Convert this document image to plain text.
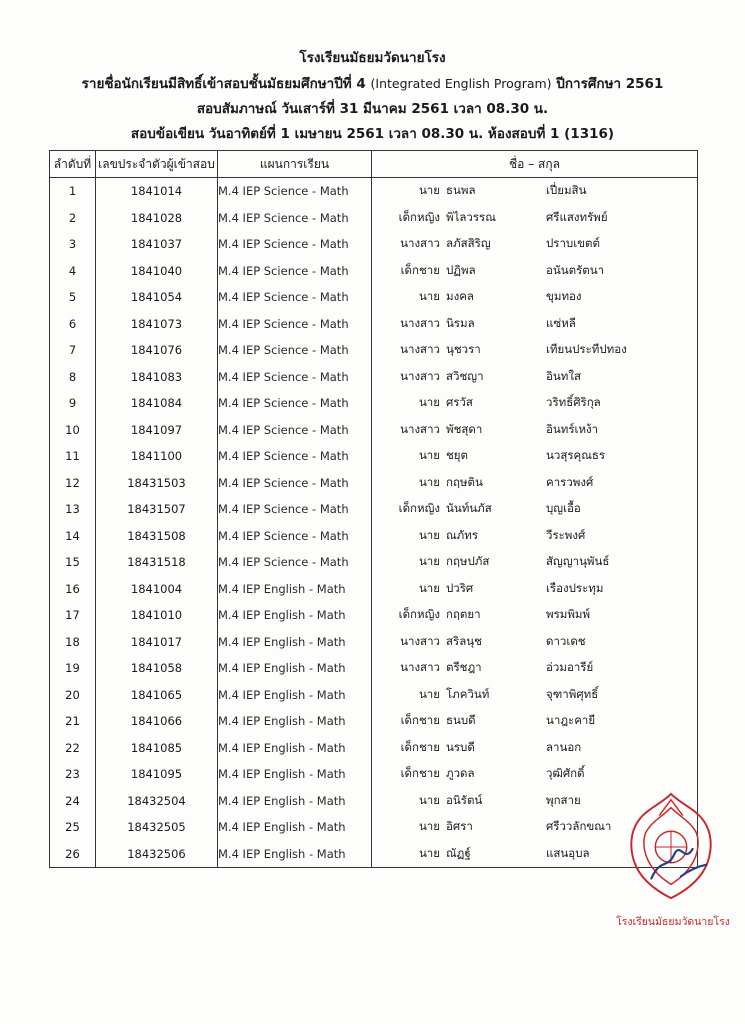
โรงเรียนมัธยมวัดนายโรง
รายชื่อนักเรียนมีสิทธิ์เข้าสอบชั้นมัธยมศึกษาปีที่ 4 (Integrated English Program) ปีการศึกษา 2561
สอบสัมภาษณ์ วันเสาร์ที่ 31 มีนาคม 2561 เวลา 08.30 น.
สอบข้อเขียน วันอาทิตย์ที่ 1 เมษายน 2561 เวลา 08.30 น. ห้องสอบที่ 1 (1316)
ลำดับที่	เลขประจำตัวผู้เข้าสอบ	แผนการเรียน	ชื่อ – สกุล
1	1841014	M.4 IEP Science - Math	นาย ธนพล เปี่ยมสิน

2	1841028	M.4 IEP Science - Math	เด็กหญิง พิไลวรรณ ศรีแสงทรัพย์

3	1841037	M.4 IEP Science - Math	นางสาว ลภัสสิริญ ปราบเขตต์

4	1841040	M.4 IEP Science - Math	เด็กชาย ปฏิพล อนันตรัตนา

5	1841054	M.4 IEP Science - Math	นาย มงคล ขุมทอง

6	1841073	M.4 IEP Science - Math	นางสาว นิรมล แซ่หลี

7	1841076	M.4 IEP Science - Math	นางสาว นุชวรา เทียนประทีปทอง

8	1841083	M.4 IEP Science - Math	นางสาว สวิชญา อินทใส

9	1841084	M.4 IEP Science - Math	นาย ศรวัส วริทธิ์ศิริกุล

10	1841097	M.4 IEP Science - Math	นางสาว พัชสุดา อินทร์เหง้า

11	1841100	M.4 IEP Science - Math	นาย ชยุต นวสุรคุณธร

12	18431503	M.4 IEP Science - Math	นาย กฤษติน คารวพงศ์

13	18431507	M.4 IEP Science - Math	เด็กหญิง นันท์นภัส บุญเอื้อ

14	18431508	M.4 IEP Science - Math	นาย ณภัทร วีระพงศ์

15	18431518	M.4 IEP Science - Math	นาย กฤษปภัส สัญญานุพันธ์

16	1841004	M.4 IEP English - Math	นาย ปวริศ เรืองประทุม

17	1841010	M.4 IEP English - Math	เด็กหญิง กฤตยา พรมพิมพ์

18	1841017	M.4 IEP English - Math	นางสาว สริลนุช ดาวเดช

19	1841058	M.4 IEP English - Math	นางสาว ตรีชฎา อ่วมอารีย์

20	1841065	M.4 IEP English - Math	นาย โภควินท์ จุฑาพิศุทธิ์

21	1841066	M.4 IEP English - Math	เด็กชาย ธนบดี นาฎะคายี

22	1841085	M.4 IEP English - Math	เด็กชาย นรบดี ลานอก

23	1841095	M.4 IEP English - Math	เด็กชาย ภูวดล วุฒิศักดิ์

24	18432504	M.4 IEP English - Math	นาย อนิรัตน์ พุกสาย

25	18432505	M.4 IEP English - Math	นาย อิศรา ศรีววลักขณา

26	18432506	M.4 IEP English - Math	นาย ณัฏฐ์ แสนอุบล
โรงเรียนมัธยมวัดนายโรง
